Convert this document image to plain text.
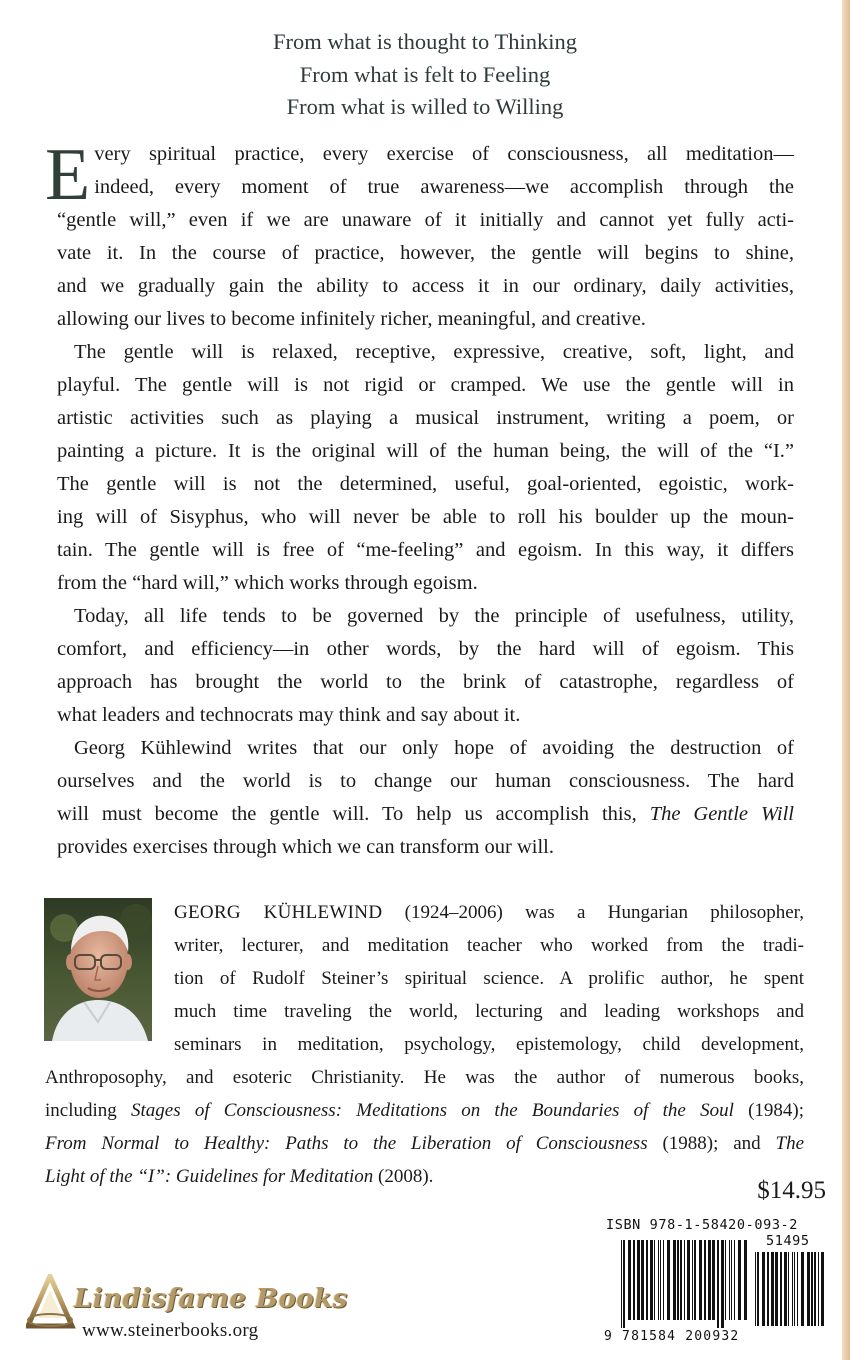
From what is thought to Thinking
From what is felt to Feeling
From what is willed to Willing

E very spiritual practice, every exercise of consciousness, all meditation—
indeed, every moment of true awareness—we accomplish through the
“gentle will,” even if we are unaware of it initially and cannot yet fully acti-
vate it. In the course of practice, however, the gentle will begins to shine,
and we gradually gain the ability to access it in our ordinary, daily activities,
allowing our lives to become infinitely richer, meaningful, and creative.

The gentle will is relaxed, receptive, expressive, creative, soft, light, and
playful. The gentle will is not rigid or cramped. We use the gentle will in
artistic activities such as playing a musical instrument, writing a poem, or
painting a picture. It is the original will of the human being, the will of the “I.”
The gentle will is not the determined, useful, goal-oriented, egoistic, work-
ing will of Sisyphus, who will never be able to roll his boulder up the moun-
tain. The gentle will is free of “me-feeling” and egoism. In this way, it differs
from the “hard will,” which works through egoism.

Today, all life tends to be governed by the principle of usefulness, utility,
comfort, and efficiency—in other words, by the hard will of egoism. This
approach has brought the world to the brink of catastrophe, regardless of
what leaders and technocrats may think and say about it.

Georg Kühlewind writes that our only hope of avoiding the destruction of
ourselves and the world is to change our human consciousness. The hard
will must become the gentle will. To help us accomplish this, The Gentle Will
provides exercises through which we can transform our will.

GEORG KÜHLEWIND (1924–2006) was a Hungarian philosopher,
writer, lecturer, and meditation teacher who worked from the tradi-
tion of Rudolf Steiner’s spiritual science. A prolific author, he spent
much time traveling the world, lecturing and leading workshops and
seminars in meditation, psychology, epistemology, child development,
Anthroposophy, and esoteric Christianity. He was the author of numerous books,
including Stages of Consciousness: Meditations on the Boundaries of the Soul (1984);
From Normal to Healthy: Paths to the Liberation of Consciousness (1988); and The
Light of the “I”: Guidelines for Meditation (2008).
$14.95
ISBN 978-1-58420-093-2
51495
9 781584 200932
Lindisfarne Books
www.steinerbooks.org
